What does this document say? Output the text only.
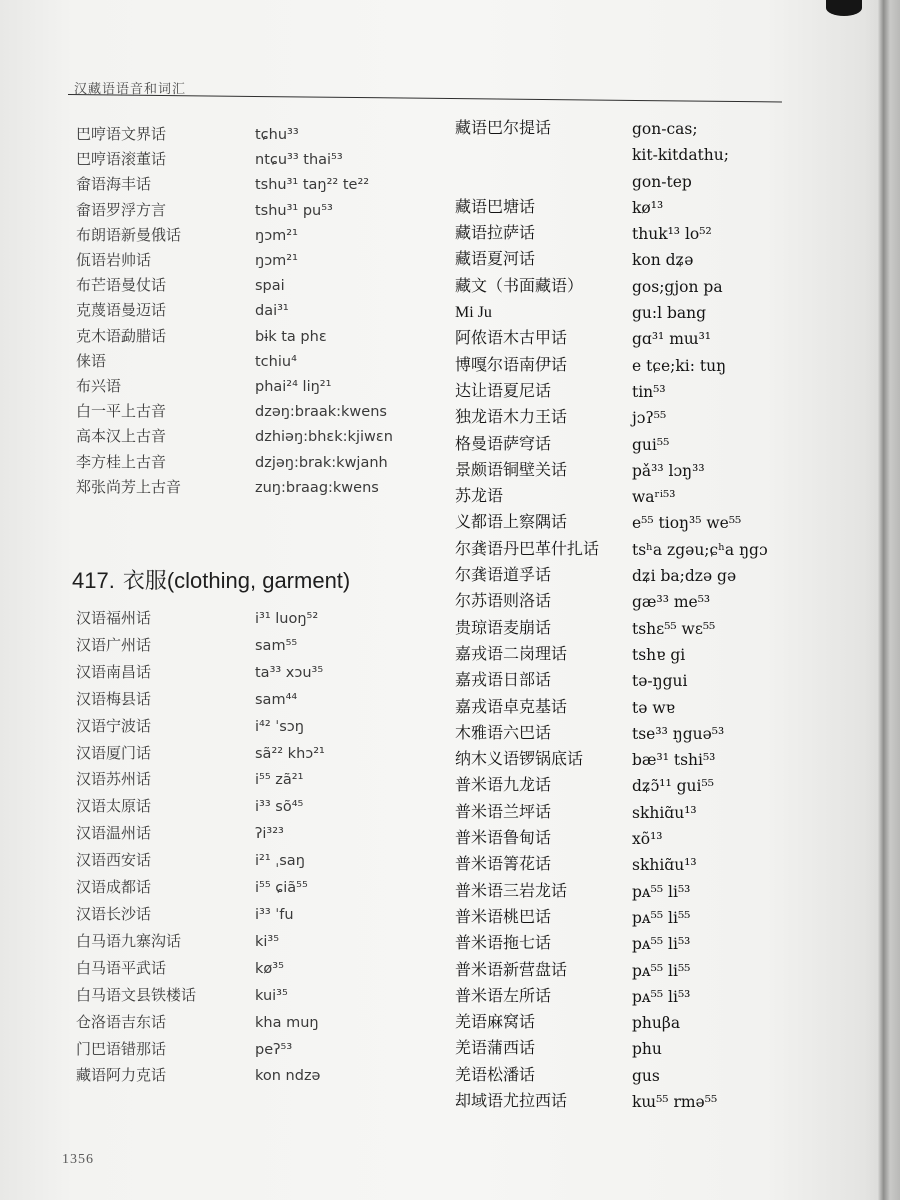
汉藏语语音和词汇
巴哼语文界话	tɕhu³³
巴哼语滚董话	ntɕu³³ thai⁵³
畲语海丰话	tshu³¹ taŋ²² te²²
畲语罗浮方言	tshu³¹ pu⁵³
布朗语新曼俄话	ŋɔm²¹
佤语岩帅话	ŋɔm²¹
布芒语曼仗话	spai
克蔑语曼迈话	dai³¹
克木语勐腊话	bɨk ta phɛ
俫语	tchiu⁴
布兴语	phai²⁴ liŋ²¹
白一平上古音	dzəŋ:braak:kwens
高本汉上古音	dzhiəŋ:bhɛk:kjiwɛn
李方桂上古音	dzjəŋ:brak:kwjanh
郑张尚芳上古音	zuŋ:braag:kwens
417. 衣服(clothing, garment)
汉语福州话	i³¹ luoŋ⁵²
汉语广州话	sam⁵⁵
汉语南昌话	ta³³ xɔu³⁵
汉语梅县话	sam⁴⁴
汉语宁波话	i⁴² ˈsɔŋ
汉语厦门话	sã²² khɔ²¹
汉语苏州话	i⁵⁵ zã²¹
汉语太原话	i³³ sõ⁴⁵
汉语温州话	ʔi³²³
汉语西安话	i²¹ ˌsaŋ
汉语成都话	i⁵⁵ ɕiã⁵⁵
汉语长沙话	i³³ ˈfu
白马语九寨沟话	ki³⁵
白马语平武话	kø³⁵
白马语文县铁楼话	kui³⁵
仓洛语吉东话	kha muŋ
门巴语错那话	peʔ⁵³
藏语阿力克话	kon ndzə
藏语巴尔提话	gon-cas;
kit-kitdathu;
gon-tep
藏语巴塘话	kø¹³
藏语拉萨话	thuk¹³ lo⁵²
藏语夏河话	kon dʑə
藏文（书面藏语）	gos;gjon pa
Mi Ju	gu:l bang
阿侬语木古甲话	gɑ³¹ mɯ³¹
博嘎尔语南伊话	e tɕe;ki: tuŋ
达让语夏尼话	tin⁵³
独龙语木力王话	jɔʔ⁵⁵
格曼语萨穹话	gui⁵⁵
景颇语铜壁关话	pǎ³³ lɔŋ³³
苏龙语	waʳⁱ⁵³
义都语上察隅话	e⁵⁵ tioŋ³⁵ we⁵⁵
尔龚语丹巴革什扎话	tsʰa zgəu;ɕʰa ŋgɔ
尔龚语道孚话	dʑi ba;dzə gə
尔苏语则洛话	gæ³³ me⁵³
贵琼语麦崩话	tshɛ⁵⁵ wɛ⁵⁵
嘉戎语二岗理话	tshɐ gi
嘉戎语日部话	tə-ŋgui
嘉戎语卓克基话	tə wɐ
木雅语六巴话	tse³³ ŋguə⁵³
纳木义语锣锅底话	bæ³¹ tshi⁵³
普米语九龙话	dʑɔ̃¹¹ gui⁵⁵
普米语兰坪话	skhiɑ̃u¹³
普米语鲁甸话	xõ¹³
普米语箐花话	skhiɑ̃u¹³
普米语三岩龙话	pᴀ⁵⁵ li⁵³
普米语桃巴话	pᴀ⁵⁵ li⁵⁵
普米语拖七话	pᴀ⁵⁵ li⁵³
普米语新营盘话	pᴀ⁵⁵ li⁵⁵
普米语左所话	pᴀ⁵⁵ li⁵³
羌语麻窝话	phuβa
羌语蒲西话	phu
羌语松潘话	gus
却域语尤拉西话	kɯ⁵⁵ rmə⁵⁵
1356
